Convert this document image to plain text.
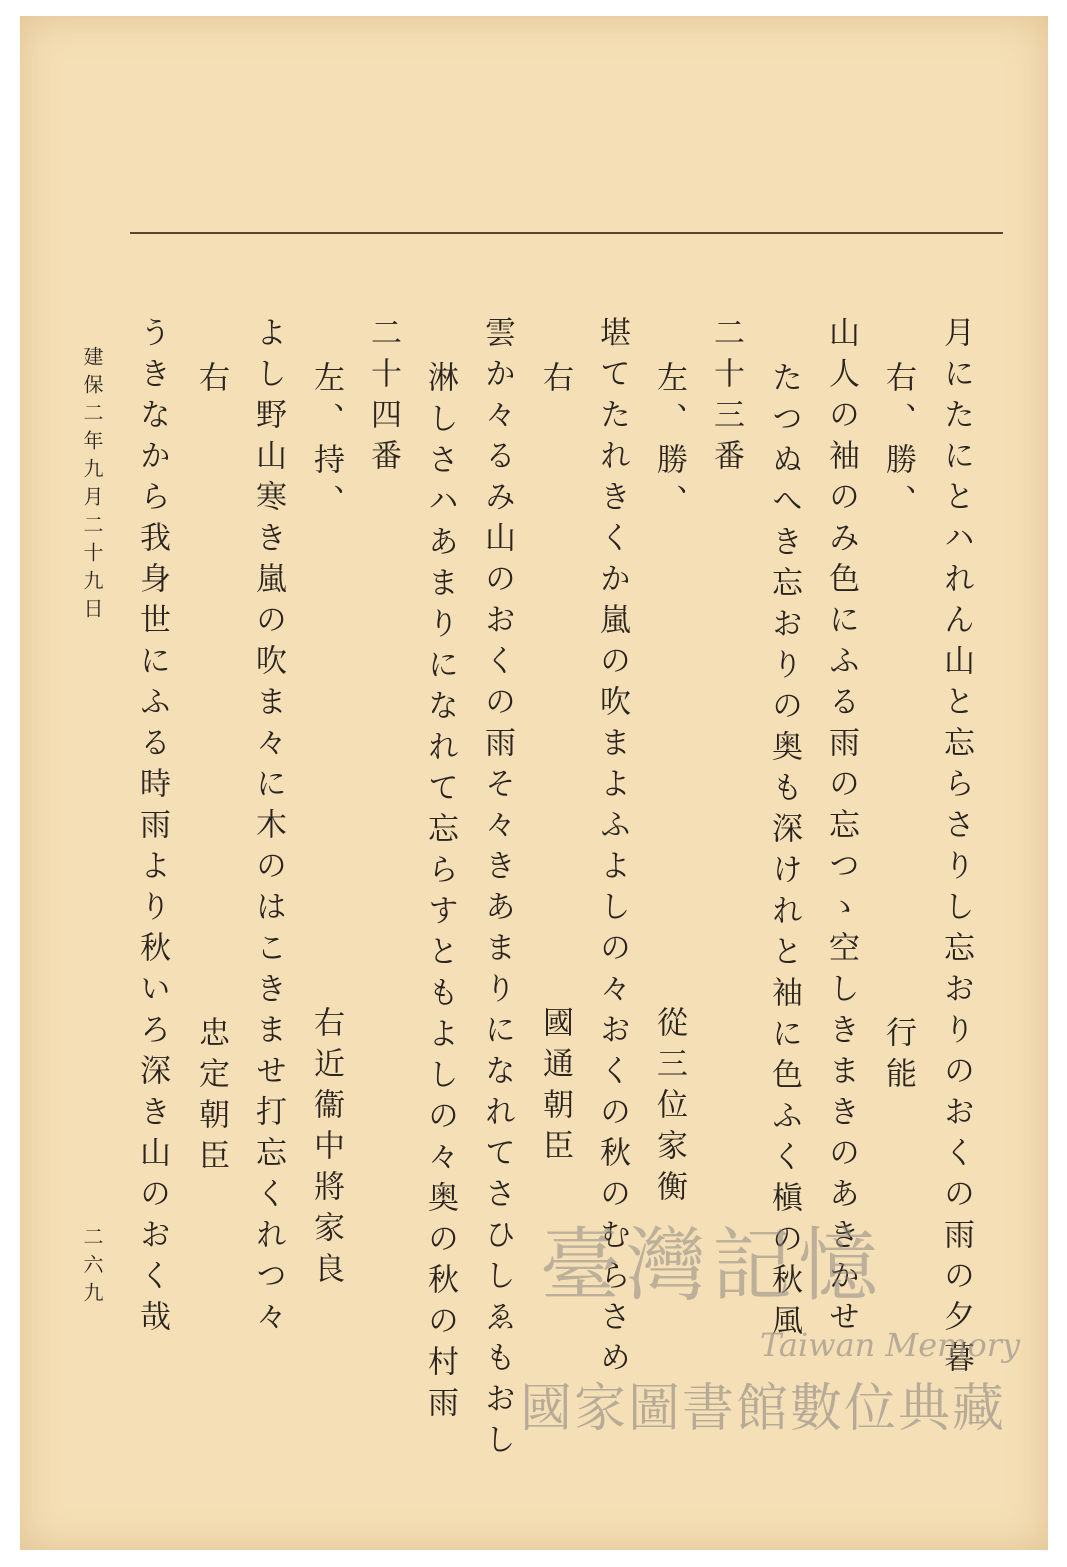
月にたにとハれん山と忘らさりし忘おりのおくの雨の夕暮
右、勝、
行能
山人の袖のみ色にふる雨の忘つゝ空しきまきのあきかせ
たつぬへき忘おりの奥も深けれと袖に色ふく槇の秋風
二十三番
左、勝、
從三位家衡
堪てたれきくか嵐の吹まよふよしの々おくの秋のむらさめ
右
國通朝臣
雲か々るみ山のおくの雨そ々きあまりになれてさひしゑもおし
淋しさハあまりになれて忘らすともよしの々奥の秋の村雨
二十四番
左、持、
右近衞中將家良
よし野山寒き嵐の吹ま々に木のはこきませ打忘くれつ々
右
忠定朝臣
うきなから我身世にふる時雨より秋いろ深き山のおく哉
建保二年九月二十九日
二六九	臺灣記憶
Taiwan Memory
國家圖書館數位典藏
